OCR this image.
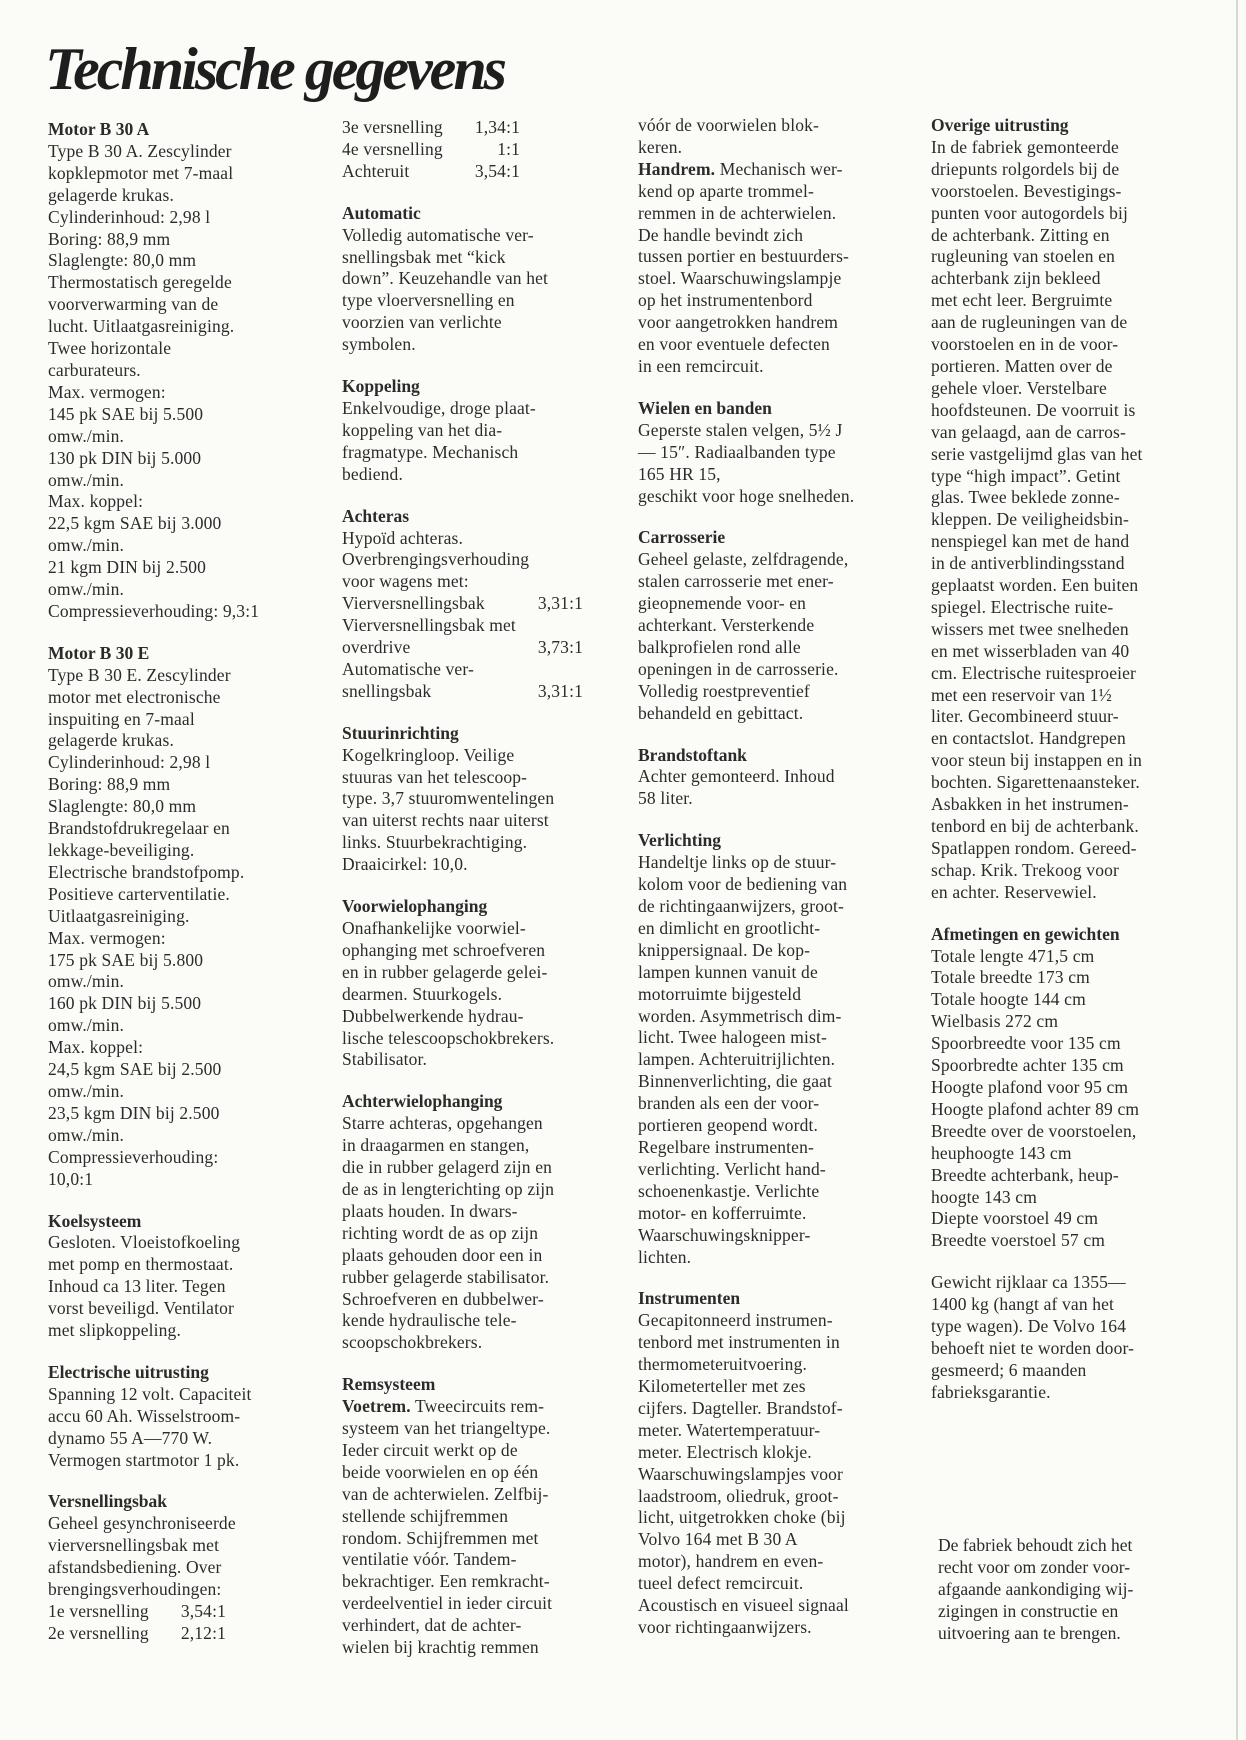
Technische gegevens
Motor B 30 A
Type B 30 A. Zescylinder
kopklepmotor met 7-maal
gelagerde krukas.
Cylinderinhoud: 2,98 l
Boring: 88,9 mm
Slaglengte: 80,0 mm
Thermostatisch geregelde
voorverwarming van de
lucht. Uitlaatgasreiniging.
Twee horizontale
carburateurs.
Max. vermogen:
145 pk SAE bij 5.500
omw./min.
130 pk DIN bij 5.000
omw./min.
Max. koppel:
22,5 kgm SAE bij 3.000
omw./min.
21 kgm DIN bij 2.500
omw./min.
Compressieverhouding: 9,3:1
Motor B 30 E
Type B 30 E. Zescylinder
motor met electronische
inspuiting en 7-maal
gelagerde krukas.
Cylinderinhoud: 2,98 l
Boring: 88,9 mm
Slaglengte: 80,0 mm
Brandstofdrukregelaar en
lekkage-beveiliging.
Electrische brandstofpomp.
Positieve carterventilatie.
Uitlaatgasreiniging.
Max. vermogen:
175 pk SAE bij 5.800
omw./min.
160 pk DIN bij 5.500
omw./min.
Max. koppel:
24,5 kgm SAE bij 2.500
omw./min.
23,5 kgm DIN bij 2.500
omw./min.
Compressieverhouding:
10,0:1
Koelsysteem
Gesloten. Vloeistofkoeling
met pomp en thermostaat.
Inhoud ca 13 liter. Tegen
vorst beveiligd. Ventilator
met slipkoppeling.
Electrische uitrusting
Spanning 12 volt. Capaciteit
accu 60 Ah. Wisselstroom-
dynamo 55 A—770 W.
Vermogen startmotor 1 pk.
Versnellingsbak
Geheel gesynchroniseerde
vierversnellingsbak met
afstandsbediening. Over
brengingsverhoudingen:
1e versnelling	3,54:1
2e versnelling	2,12:1
3e versnelling	1,34:1
4e versnelling	1:1
Achteruit	3,54:1
Automatic
Volledig automatische ver-
snellingsbak met “kick
down”. Keuzehandle van het
type vloerversnelling en
voorzien van verlichte
symbolen.
Koppeling
Enkelvoudige, droge plaat-
koppeling van het dia-
fragmatype. Mechanisch
bediend.
Achteras
Hypoïd achteras.
Overbrengingsverhouding
voor wagens met:
Vierversnellingsbak	3,31:1
Vierversnellingsbak met
overdrive	3,73:1
Automatische ver-
snellingsbak	3,31:1
Stuurinrichting
Kogelkringloop. Veilige
stuuras van het telescoop-
type. 3,7 stuuromwentelingen
van uiterst rechts naar uiterst
links. Stuurbekrachtiging.
Draaicirkel: 10,0.
Voorwielophanging
Onafhankelijke voorwiel-
ophanging met schroefveren
en in rubber gelagerde gelei-
dearmen. Stuurkogels.
Dubbelwerkende hydrau-
lische telescoopschokbrekers.
Stabilisator.
Achterwielophanging
Starre achteras, opgehangen
in draagarmen en stangen,
die in rubber gelagerd zijn en
de as in lengterichting op zijn
plaats houden. In dwars-
richting wordt de as op zijn
plaats gehouden door een in
rubber gelagerde stabilisator.
Schroefveren en dubbelwer-
kende hydraulische tele-
scoopschokbrekers.
Remsysteem
Voetrem. Tweecircuits rem-
systeem van het triangeltype.
Ieder circuit werkt op de
beide voorwielen en op één
van de achterwielen. Zelfbij-
stellende schijfremmen
rondom. Schijfremmen met
ventilatie vóór. Tandem-
bekrachtiger. Een remkracht-
verdeelventiel in ieder circuit
verhindert, dat de achter-
wielen bij krachtig remmen
vóór de voorwielen blok-
keren.
Handrem. Mechanisch wer-
kend op aparte trommel-
remmen in de achterwielen.
De handle bevindt zich
tussen portier en bestuurders-
stoel. Waarschuwingslampje
op het instrumentenbord
voor aangetrokken handrem
en voor eventuele defecten
in een remcircuit.
Wielen en banden
Geperste stalen velgen, 5½ J
— 15″. Radiaalbanden type
165 HR 15,
geschikt voor hoge snelheden.
Carrosserie
Geheel gelaste, zelfdragende,
stalen carrosserie met ener-
gieopnemende voor- en
achterkant. Versterkende
balkprofielen rond alle
openingen in de carrosserie.
Volledig roestpreventief
behandeld en gebittact.
Brandstoftank
Achter gemonteerd. Inhoud
58 liter.
Verlichting
Handeltje links op de stuur-
kolom voor de bediening van
de richtingaanwijzers, groot-
en dimlicht en grootlicht-
knippersignaal. De kop-
lampen kunnen vanuit de
motorruimte bijgesteld
worden. Asymmetrisch dim-
licht. Twee halogeen mist-
lampen. Achteruitrijlichten.
Binnenverlichting, die gaat
branden als een der voor-
portieren geopend wordt.
Regelbare instrumenten-
verlichting. Verlicht hand-
schoenenkastje. Verlichte
motor- en kofferruimte.
Waarschuwingsknipper-
lichten.
Instrumenten
Gecapitonneerd instrumen-
tenbord met instrumenten in
thermometeruitvoering.
Kilometerteller met zes
cijfers. Dagteller. Brandstof-
meter. Watertemperatuur-
meter. Electrisch klokje.
Waarschuwingslampjes voor
laadstroom, oliedruk, groot-
licht, uitgetrokken choke (bij
Volvo 164 met B 30 A
motor), handrem en even-
tueel defect remcircuit.
Acoustisch en visueel signaal
voor richtingaanwijzers.
Overige uitrusting
In de fabriek gemonteerde
driepunts rolgordels bij de
voorstoelen. Bevestigings-
punten voor autogordels bij
de achterbank. Zitting en
rugleuning van stoelen en
achterbank zijn bekleed
met echt leer. Bergruimte
aan de rugleuningen van de
voorstoelen en in de voor-
portieren. Matten over de
gehele vloer. Verstelbare
hoofdsteunen. De voorruit is
van gelaagd, aan de carros-
serie vastgelijmd glas van het
type “high impact”. Getint
glas. Twee beklede zonne-
kleppen. De veiligheidsbin-
nenspiegel kan met de hand
in de antiverblindingsstand
geplaatst worden. Een buiten
spiegel. Electrische ruite-
wissers met twee snelheden
en met wisserbladen van 40
cm. Electrische ruitesproeier
met een reservoir van 1½
liter. Gecombineerd stuur-
en contactslot. Handgrepen
voor steun bij instappen en in
bochten. Sigarettenaansteker.
Asbakken in het instrumen-
tenbord en bij de achterbank.
Spatlappen rondom. Gereed-
schap. Krik. Trekoog voor
en achter. Reservewiel.
Afmetingen en gewichten
Totale lengte 471,5 cm
Totale breedte 173 cm
Totale hoogte 144 cm
Wielbasis 272 cm
Spoorbreedte voor 135 cm
Spoorbredte achter 135 cm
Hoogte plafond voor 95 cm
Hoogte plafond achter 89 cm
Breedte over de voorstoelen,
heuphoogte 143 cm
Breedte achterbank, heup-
hoogte 143 cm
Diepte voorstoel 49 cm
Breedte voerstoel 57 cm
Gewicht rijklaar ca 1355—
1400 kg (hangt af van het
type wagen). De Volvo 164
behoeft niet te worden door-
gesmeerd; 6 maanden
fabrieksgarantie.
De fabriek behoudt zich het
recht voor om zonder voor-
afgaande aankondiging wij-
zigingen in constructie en
uitvoering aan te brengen.
